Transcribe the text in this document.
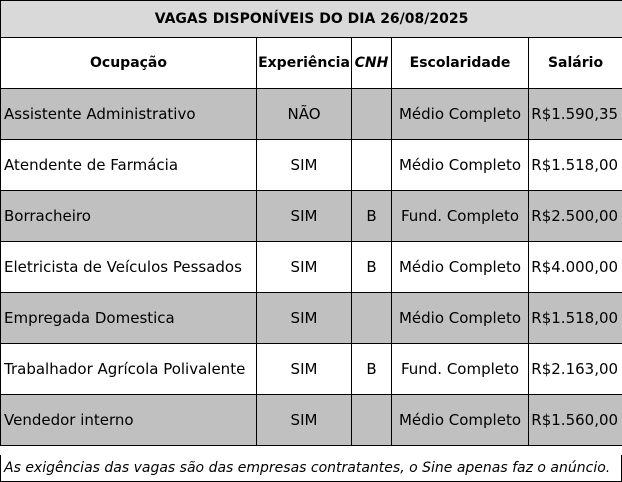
VAGAS DISPONÍVEIS DO DIA 26/08/2025				
Ocupação	Experiência	CNH	Escolaridade	Salário
Assistente Administrativo	NÃO		Médio Completo	R$1.590,35
Atendente de Farmácia	SIM		Médio Completo	R$1.518,00
Borracheiro	SIM	B	Fund. Completo	R$2.500,00
Eletricista de Veículos Pessados	SIM	B	Médio Completo	R$4.000,00
Empregada Domestica	SIM		Médio Completo	R$1.518,00
Trabalhador Agrícola Polivalente	SIM	B	Fund. Completo	R$2.163,00
Vendedor interno	SIM		Médio Completo	R$1.560,00
As exigências das vagas são das empresas contratantes, o Sine apenas faz o anúncio.
